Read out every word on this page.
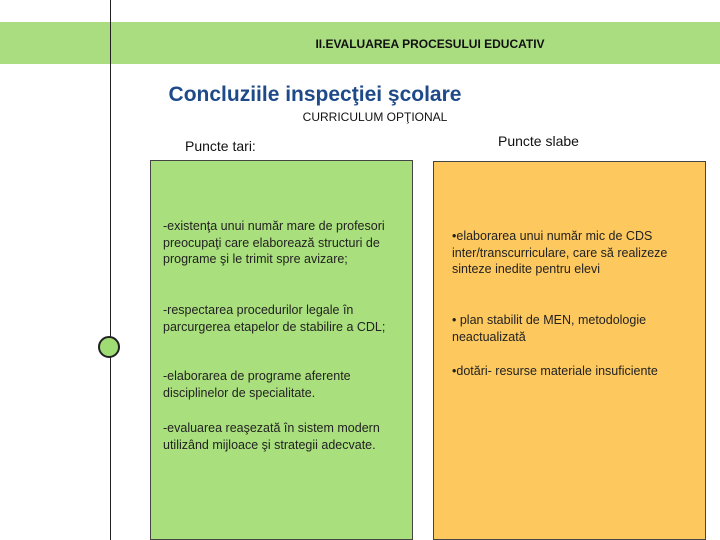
II.EVALUAREA PROCESULUI EDUCATIV
Concluziile inspecţiei şcolare
CURRICULUM OPŢIONAL
Puncte tari:	Puncte slabe
-existenţa unui număr mare de profesori preocupaţi care elaborează structuri de programe şi le trimit spre avizare;
-respectarea procedurilor legale în parcurgerea etapelor de stabilire a CDL;
-elaborarea de programe aferente disciplinelor de specialitate.
-evaluarea reaşezată în sistem modern utilizând mijloace şi strategii adecvate.
•elaborarea unui număr mic de CDS inter/transcurriculare, care să realizeze sinteze inedite pentru elevi
• plan stabilit de MEN, metodologie neactualizată
•dotări- resurse materiale insuficiente
